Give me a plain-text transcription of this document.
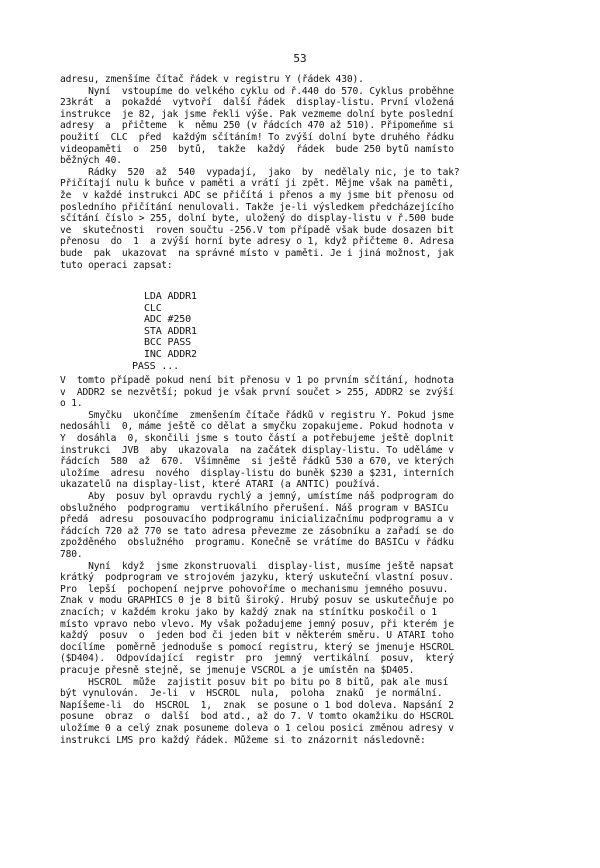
53
adresu, zmenšíme čítač řádek v registru Y (řádek 430).
Nyní  vstoupíme do velkého cyklu od ř.440 do 570. Cyklus proběhne
23krát  a  pokaždé  vytvoří  další řádek  display-listu. První vložená
instrukce  je 82, jak jsme řekli výše. Pak vezmeme dolní byte poslední
adresy  a  přičteme  k  němu 250 (v řádcích 470 až 510). Připomeňme si
použití  CLC  před  každým sčítáním! To zvýší dolní byte druhého řádku
videopaměti  o  250  bytů,  takže  každý  řádek  bude 250 bytů namísto
běžných 40.
Řádky  520  až  540  vypadají,  jako  by  nedělaly nic, je to tak?
Přičítají nulu k buňce v paměti a vrátí ji zpět. Mějme však na paměti,
že  v každé instrukci ADC se přičítá i přenos a my jsme bit přenosu od
posledního přičítání nenulovali. Takže je-li výsledkem předcházejícího
sčítání číslo > 255, dolní byte, uložený do display-listu v ř.500 bude
ve  skutečnosti  roven součtu -256.V tom případě však bude dosazen bit
přenosu  do  1  a zvýší horní byte adresy o 1, když přičteme 0. Adresa
bude  pak  ukazovat  na správné místo v paměti. Je i jiná možnost, jak
tuto operaci zapsat:
V  tomto případě pokud není bit přenosu v 1 po prvním sčítání, hodnota
v  ADDR2 se nezvětší; pokud je však první součet > 255, ADDR2 se zvýší
o 1.
Smyčku  ukončíme  zmenšením čítače řádků v registru Y. Pokud jsme
nedosáhli  0, máme ještě co dělat a smyčku zopakujeme. Pokud hodnota v
Y  dosáhla  0, skončili jsme s touto částí a potřebujeme ještě doplnit
instrukci  JVB  aby  ukazovala  na začátek display-listu. To uděláme v
řádcích  580  až  670.  Všimněme  si ještě řádků 530 a 670, ve kterých
uložíme  adresu  nového  display-listu do buněk $230 a $231, interních
ukazatelů na display-list, které ATARI (a ANTIC) používá.
Aby  posuv byl opravdu rychlý a jemný, umístíme náš podprogram do
obslužného  podprogramu  vertikálního přerušení. Náš program v BASICu
předá  adresu  posouvacího podprogramu inicializačnímu podprogramu a v
řádcích 720 až 770 se tato adresa převezme ze zásobníku a zařadí se do
zpožděného  obslužného  programu. Konečně se vrátíme do BASICu v řádku
780.
Nyní  když  jsme zkonstruovali  display-list, musíme ještě napsat
krátký  podprogram ve strojovém jazyku, který uskuteční vlastní posuv.
Pro  lepší  pochopení nejprve pohovoříme o mechanismu jemného posuvu.
Znak v modu GRAPHICS 0 je 8 bitů široký. Hrubý posuv se uskutečňuje po
znacích; v každém kroku jako by každý znak na stínítku poskočil o 1
místo vpravo nebo vlevo. My však požadujeme jemný posuv, při kterém je
každý  posuv  o  jeden bod či jeden bit v některém směru. U ATARI toho
docílíme  poměrně jednoduše s pomocí registru, který se jmenuje HSCROL
($D404).  Odpovídající  registr  pro  jemný  vertikální  posuv,  který
pracuje přesně stejně, se jmenuje VSCROL a je umístěn na $D405.
HSCROL  může  zajistit posuv bit po bitu po 8 bitů, pak ale musí
být vynulován.  Je-li  v  HSCROL  nula,  poloha  znaků  je normální.
Napíšeme-li  do  HSCROL  1,  znak  se posune o 1 bod doleva. Napsání 2
posune  obraz  o  další  bod atd., až do 7. V tomto okamžiku do HSCROL
uložíme 0 a celý znak posuneme doleva o 1 celou posici změnou adresy v
instrukci LMS pro každý řádek. Můžeme si to znázornit následovně:
LDA ADDR1
CLC
ADC #250
STA ADDR1
BCC PASS
INC ADDR2
PASS ...
